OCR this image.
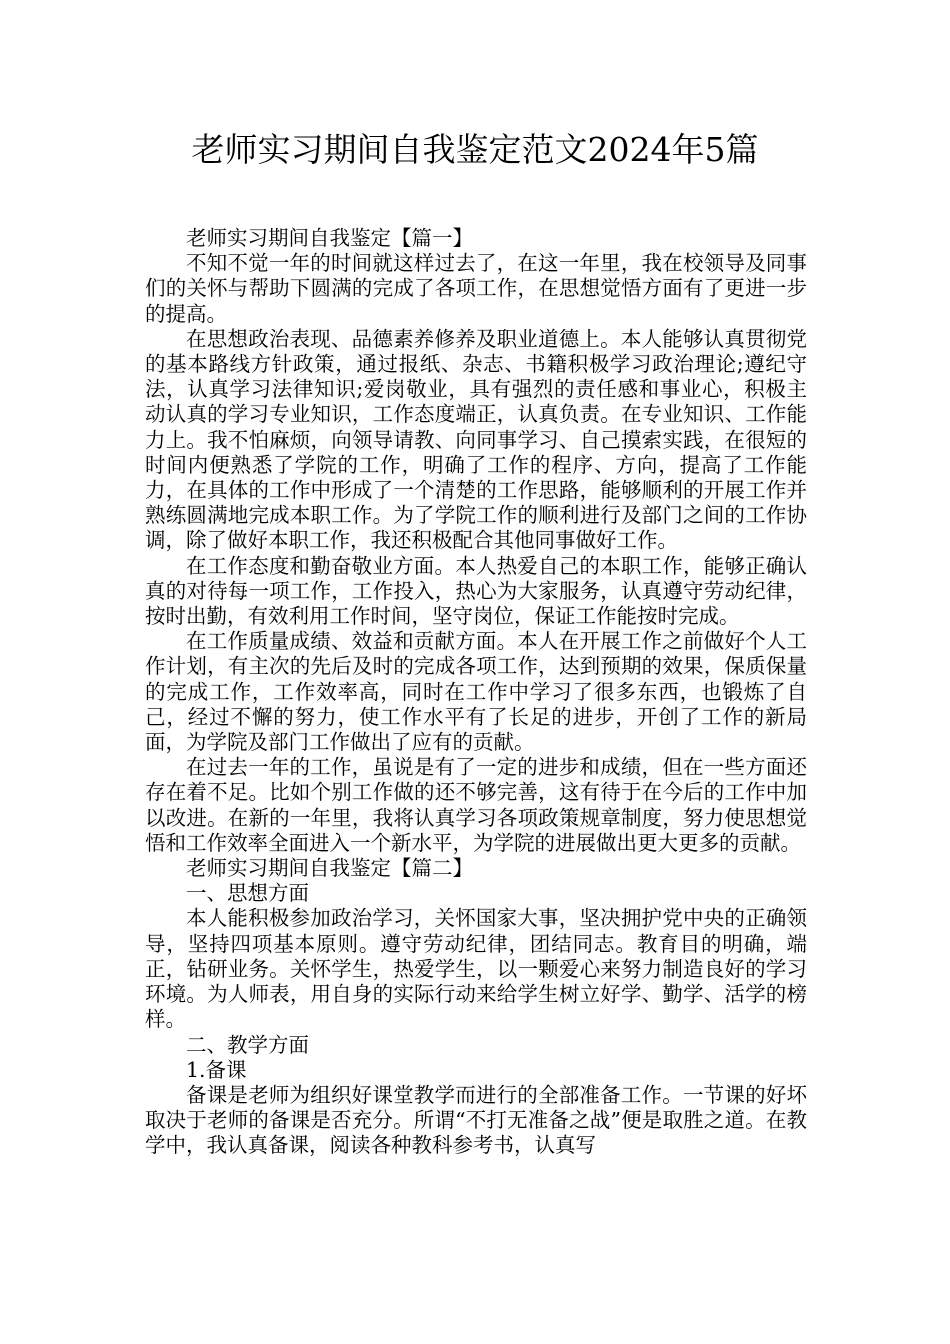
老师实习期间自我鉴定范文2024年5篇

老师实习期间自我鉴定【篇一】

不知不觉一年的时间就这样过去了，在这一年里，我在校领导及同事们的关怀与帮助下圆满的完成了各项工作，在思想觉悟方面有了更进一步的提高。

在思想政治表现、品德素养修养及职业道德上。本人能够认真贯彻党的基本路线方针政策，通过报纸、杂志、书籍积极学习政治理论;遵纪守法，认真学习法律知识;爱岗敬业，具有强烈的责任感和事业心，积极主动认真的学习专业知识，工作态度端正，认真负责。在专业知识、工作能力上。我不怕麻烦，向领导请教、向同事学习、自己摸索实践，在很短的时间内便熟悉了学院的工作，明确了工作的程序、方向，提高了工作能力，在具体的工作中形成了一个清楚的工作思路，能够顺利的开展工作并熟练圆满地完成本职工作。为了学院工作的顺利进行及部门之间的工作协调，除了做好本职工作，我还积极配合其他同事做好工作。

在工作态度和勤奋敬业方面。本人热爱自己的本职工作，能够正确认真的对待每一项工作，工作投入，热心为大家服务，认真遵守劳动纪律，按时出勤，有效利用工作时间，坚守岗位，保证工作能按时完成。

在工作质量成绩、效益和贡献方面。本人在开展工作之前做好个人工作计划，有主次的先后及时的完成各项工作，达到预期的效果，保质保量的完成工作，工作效率高，同时在工作中学习了很多东西，也锻炼了自己，经过不懈的努力，使工作水平有了长足的进步，开创了工作的新局面，为学院及部门工作做出了应有的贡献。

在过去一年的工作，虽说是有了一定的进步和成绩，但在一些方面还存在着不足。比如个别工作做的还不够完善，这有待于在今后的工作中加以改进。在新的一年里，我将认真学习各项政策规章制度，努力使思想觉悟和工作效率全面进入一个新水平，为学院的进展做出更大更多的贡献。

老师实习期间自我鉴定【篇二】

一、思想方面

本人能积极参加政治学习，关怀国家大事，坚决拥护党中央的正确领导，坚持四项基本原则。遵守劳动纪律，团结同志。教育目的明确，端正，钻研业务。关怀学生，热爱学生，以一颗爱心来努力制造良好的学习环境。为人师表，用自身的实际行动来给学生树立好学、勤学、活学的榜样。

二、教学方面

1.备课

备课是老师为组织好课堂教学而进行的全部准备工作。一节课的好坏取决于老师的备课是否充分。所谓“不打无准备之战”便是取胜之道。在教学中，我认真备课，阅读各种教科参考书，认真写
